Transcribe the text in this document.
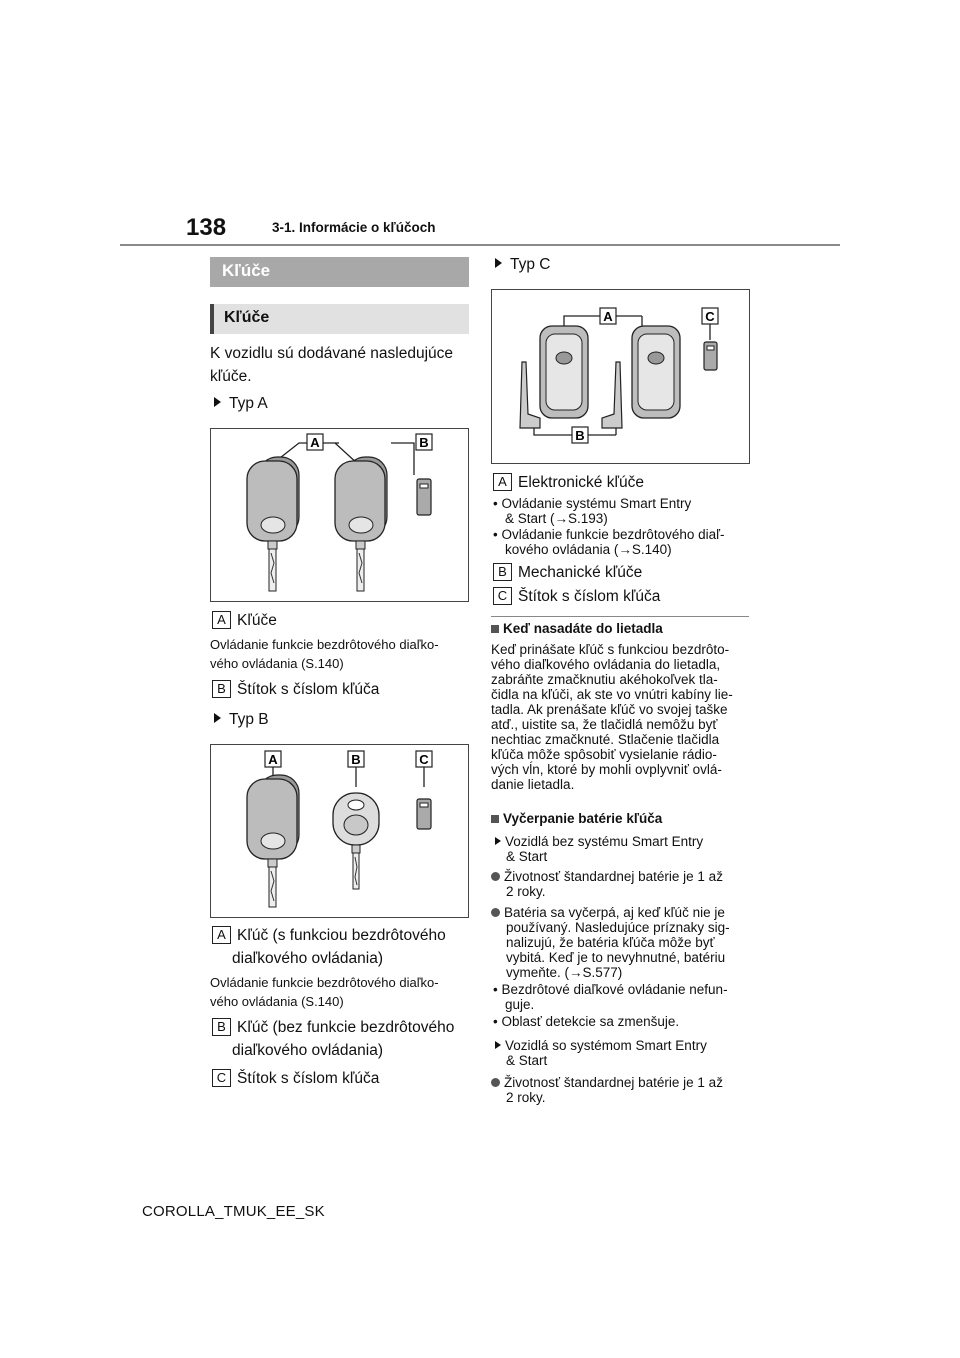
138	3-1. Informácie o kľúčoch
Kľúče
Kľúče
K vozidlu sú dodávané nasledujúce
kľúče.
Typ A
A	B
A Kľúče
Ovládanie funkcie bezdrôtového diaľko-
vého ovládania (S.140)
B Štítok s číslom kľúča
Typ B
A	B	C
A Kľúč (s funkciou bezdrôtového
diaľkového ovládania)
Ovládanie funkcie bezdrôtového diaľko-
vého ovládania (S.140)
B Kľúč (bez funkcie bezdrôtového
diaľkového ovládania)
C Štítok s číslom kľúča
Typ C
A	C
B
A Elektronické kľúče
• Ovládanie systému Smart Entry
& Start (→S.193)
• Ovládanie funkcie bezdrôtového diaľ-
kového ovládania (→S.140)
B Mechanické kľúče
C Štítok s číslom kľúča
Keď nasadáte do lietadla
Keď prinášate kľúč s funkciou bezdrôto-
vého diaľkového ovládania do lietadla,
zabráňte zmačknutiu akéhokoľvek tla-
čidla na kľúči, ak ste vo vnútri kabíny lie-
tadla. Ak prenášate kľúč vo svojej taške
atď., uistite sa, že tlačidlá nemôžu byť
nechtiac zmačknuté. Stlačenie tlačidla
kľúča môže spôsobiť vysielanie rádio-
vých vĺn, ktoré by mohli ovplyvniť ovlá-
danie lietadla.
Vyčerpanie batérie kľúča
Vozidlá bez systému Smart Entry
& Start
Životnosť štandardnej batérie je 1 až
2 roky.
Batéria sa vyčerpá, aj keď kľúč nie je
používaný. Nasledujúce príznaky sig-
nalizujú, že batéria kľúča môže byť
vybitá. Keď je to nevyhnutné, batériu
vymeňte. (→S.577)
• Bezdrôtové diaľkové ovládanie nefun-
guje.
• Oblasť detekcie sa zmenšuje.
Vozidlá so systémom Smart Entry
& Start
Životnosť štandardnej batérie je 1 až
2 roky.
COROLLA_TMUK_EE_SK
